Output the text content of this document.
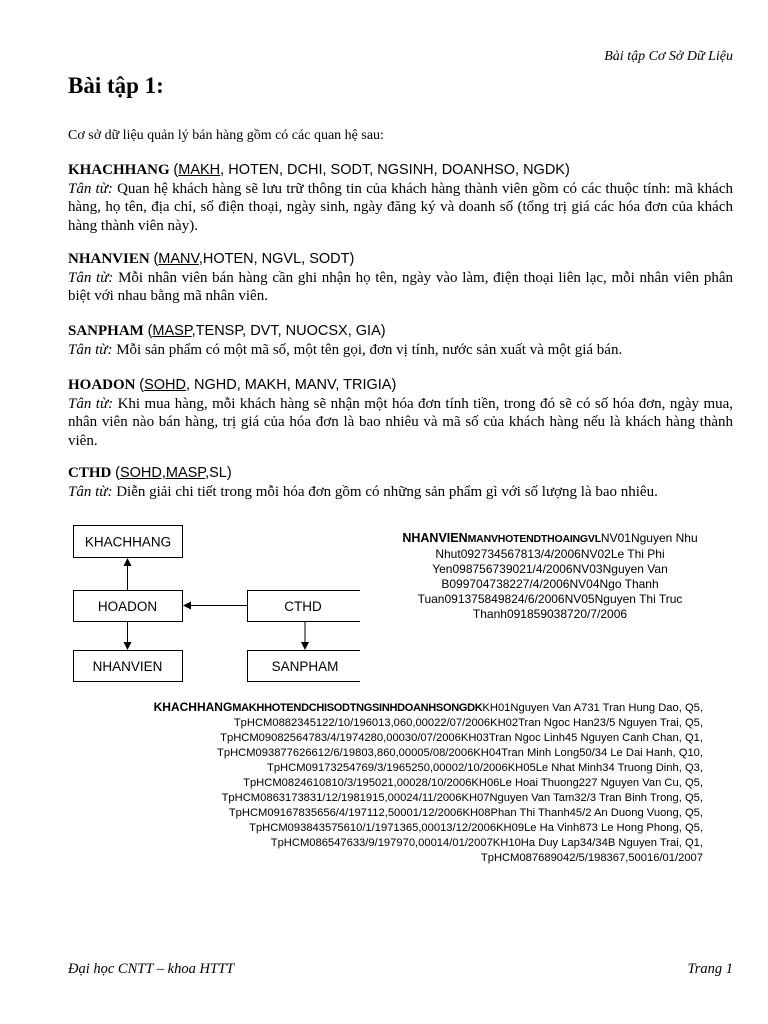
Bài tập Cơ Sở Dữ Liệu
Bài tập 1:
Cơ sở dữ liệu quản lý bán hàng gồm có các quan hệ sau:
KHACHHANG (MAKH, HOTEN, DCHI, SODT, NGSINH, DOANHSO, NGDK)
Tân từ: Quan hệ khách hàng sẽ lưu trữ thông tin của khách hàng thành viên gồm có các thuộc tính: mã khách hàng, họ tên, địa chỉ, số điện thoại, ngày sinh, ngày đăng ký và doanh số (tổng trị giá các hóa đơn của khách hàng thành viên này).
NHANVIEN (MANV,HOTEN, NGVL, SODT)
Tân từ: Mỗi nhân viên bán hàng cần ghi nhận họ tên, ngày vào làm, điện thoại liên lạc, mỗi nhân viên phân biệt với nhau bằng mã nhân viên.
SANPHAM (MASP,TENSP, DVT, NUOCSX, GIA)
Tân từ: Mỗi sản phẩm có một mã số, một tên gọi, đơn vị tính, nước sản xuất và một giá bán.
HOADON (SOHD, NGHD, MAKH, MANV, TRIGIA)
Tân từ: Khi mua hàng, mỗi khách hàng sẽ nhận một hóa đơn tính tiền, trong đó sẽ có số hóa đơn, ngày mua, nhân viên nào bán hàng, trị giá của hóa đơn là bao nhiêu và mã số của khách hàng nếu là khách hàng thành viên.
CTHD (SOHD,MASP,SL)
Tân từ: Diễn giải chi tiết trong mỗi hóa đơn gồm có những sản phẩm gì với số lượng là bao nhiêu.
KHACHHANG
HOADON
NHANVIEN
CTHD
SANPHAM
NHANVIENMANVHOTENDTHOAINGVLNV01Nguyen Nhu
Nhut092734567813/4/2006NV02Le Thi Phi
Yen098756739021/4/2006NV03Nguyen Van
B099704738227/4/2006NV04Ngo Thanh
Tuan091375849824/6/2006NV05Nguyen Thi Truc
Thanh091859038720/7/2006
KHACHHANGMAKHHOTENDCHISODTNGSINHDOANHSONGDKKH01Nguyen Van A731 Tran Hung Dao, Q5,
TpHCM0882345122/10/196013,060,00022/07/2006KH02Tran Ngoc Han23/5 Nguyen Trai, Q5,
TpHCM09082564783/4/1974280,00030/07/2006KH03Tran Ngoc Linh45 Nguyen Canh Chan, Q1,
TpHCM093877626612/6/19803,860,00005/08/2006KH04Tran Minh Long50/34 Le Dai Hanh, Q10,
TpHCM09173254769/3/1965250,00002/10/2006KH05Le Nhat Minh34 Truong Dinh, Q3,
TpHCM0824610810/3/195021,00028/10/2006KH06Le Hoai Thuong227 Nguyen Van Cu, Q5,
TpHCM0863173831/12/1981915,00024/11/2006KH07Nguyen Van Tam32/3 Tran Binh Trong, Q5,
TpHCM09167835656/4/197112,50001/12/2006KH08Phan Thi Thanh45/2 An Duong Vuong, Q5,
TpHCM093843575610/1/1971365,00013/12/2006KH09Le Ha Vinh873 Le Hong Phong, Q5,
TpHCM086547633/9/197970,00014/01/2007KH10Ha Duy Lap34/34B Nguyen Trai, Q1,
TpHCM087689042/5/198367,50016/01/2007
Đại học CNTT – khoa HTTT	Trang 1
